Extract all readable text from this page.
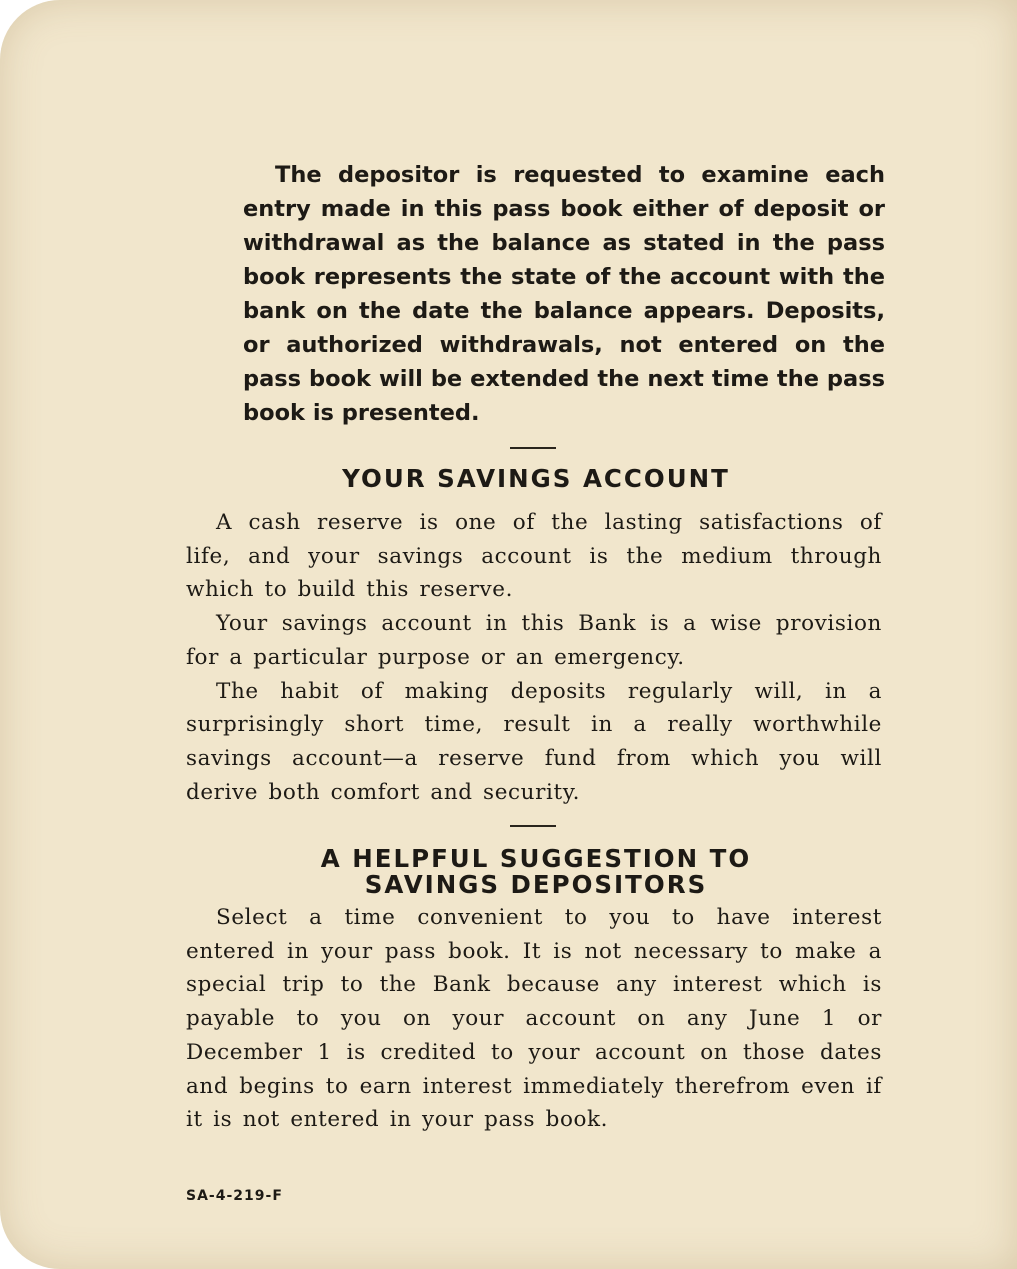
The depositor is requested to examine each entry made in this pass book either of deposit or withdrawal as the balance as stated in the pass book represents the state of the account with the bank on the date the balance appears. Deposits, or authorized withdrawals, not entered on the pass book will be extended the next time the pass book is presented.

YOUR SAVINGS ACCOUNT

A cash reserve is one of the lasting satisfactions of life, and your savings account is the medium through which to build this reserve.

Your savings account in this Bank is a wise provision for a particular purpose or an emergency.

The habit of making deposits regularly will, in a surprisingly short time, result in a really worthwhile savings account—a reserve fund from which you will derive both comfort and security.

A HELPFUL SUGGESTION TO
SAVINGS DEPOSITORS

Select a time convenient to you to have interest entered in your pass book. It is not necessary to make a special trip to the Bank because any interest which is payable to you on your account on any June 1 or December 1 is credited to your account on those dates and begins to earn interest immediately therefrom even if it is not entered in your pass book.

SA-4-219-F
